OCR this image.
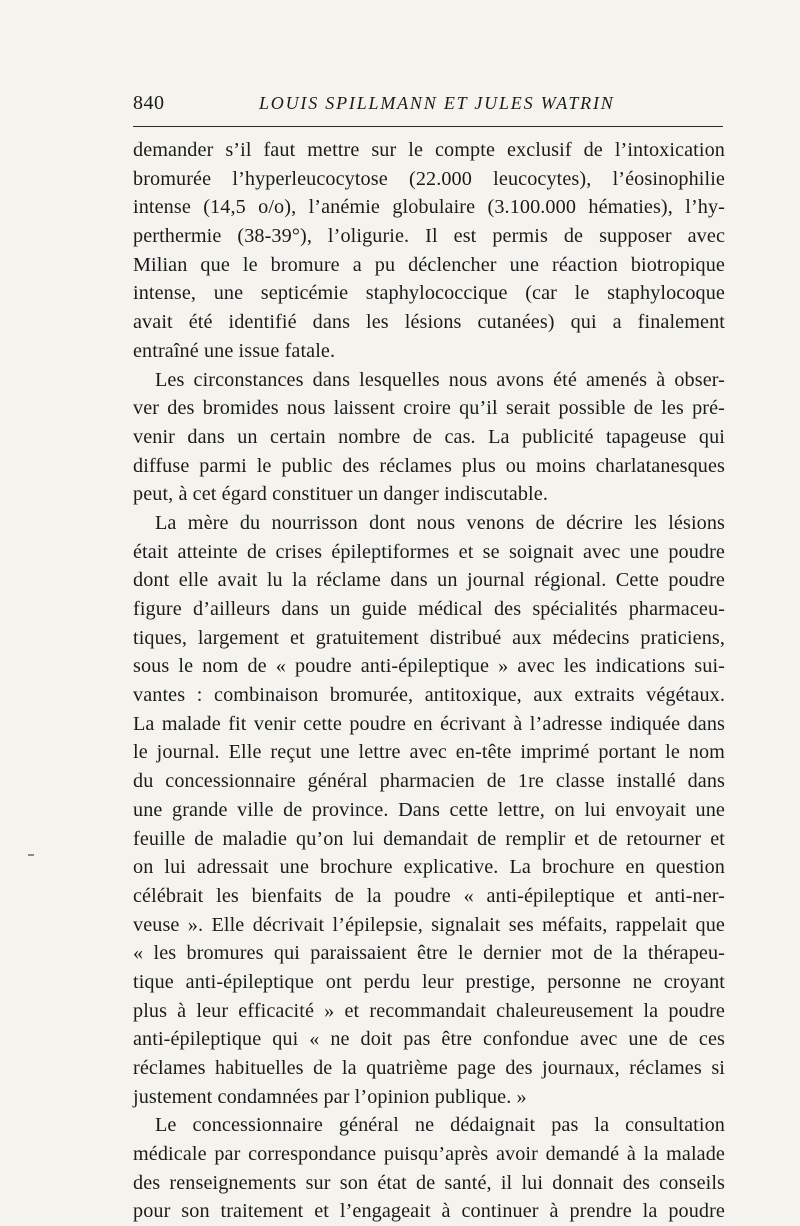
840	LOUIS SPILLMANN ET JULES WATRIN
demander s’il faut mettre sur le compte exclusif de l’intoxication
bromurée l’hyperleucocytose (22.000 leucocytes), l’éosinophilie
intense (14,5 o/o), l’anémie globulaire (3.100.000 hématies), l’hy-
perthermie (38-39°), l’oligurie. Il est permis de supposer avec
Milian que le bromure a pu déclencher une réaction biotropique
intense, une septicémie staphylococcique (car le staphylocoque
avait été identifié dans les lésions cutanées) qui a finalement
entraîné une issue fatale.
Les circonstances dans lesquelles nous avons été amenés à obser-
ver des bromides nous laissent croire qu’il serait possible de les pré-
venir dans un certain nombre de cas. La publicité tapageuse qui
diffuse parmi le public des réclames plus ou moins charlatanesques
peut, à cet égard constituer un danger indiscutable.
La mère du nourrisson dont nous venons de décrire les lésions
était atteinte de crises épileptiformes et se soignait avec une poudre
dont elle avait lu la réclame dans un journal régional. Cette poudre
figure d’ailleurs dans un guide médical des spécialités pharmaceu-
tiques, largement et gratuitement distribué aux médecins praticiens,
sous le nom de « poudre anti-épileptique » avec les indications sui-
vantes : combinaison bromurée, antitoxique, aux extraits végétaux.
La malade fit venir cette poudre en écrivant à l’adresse indiquée dans
le journal. Elle reçut une lettre avec en-tête imprimé portant le nom
du concessionnaire général pharmacien de 1re classe installé dans
une grande ville de province. Dans cette lettre, on lui envoyait une
feuille de maladie qu’on lui demandait de remplir et de retourner et
on lui adressait une brochure explicative. La brochure en question
célébrait les bienfaits de la poudre « anti-épileptique et anti-ner-
veuse ». Elle décrivait l’épilepsie, signalait ses méfaits, rappelait que
« les bromures qui paraissaient être le dernier mot de la thérapeu-
tique anti-épileptique ont perdu leur prestige, personne ne croyant
plus à leur efficacité » et recommandait chaleureusement la poudre
anti-épileptique qui « ne doit pas être confondue avec une de ces
réclames habituelles de la quatrième page des journaux, réclames si
justement condamnées par l’opinion publique. »
Le concessionnaire général ne dédaignait pas la consultation
médicale par correspondance puisqu’après avoir demandé à la malade
des renseignements sur son état de santé, il lui donnait des conseils
pour son traitement et l’engageait à continuer à prendre la poudre
